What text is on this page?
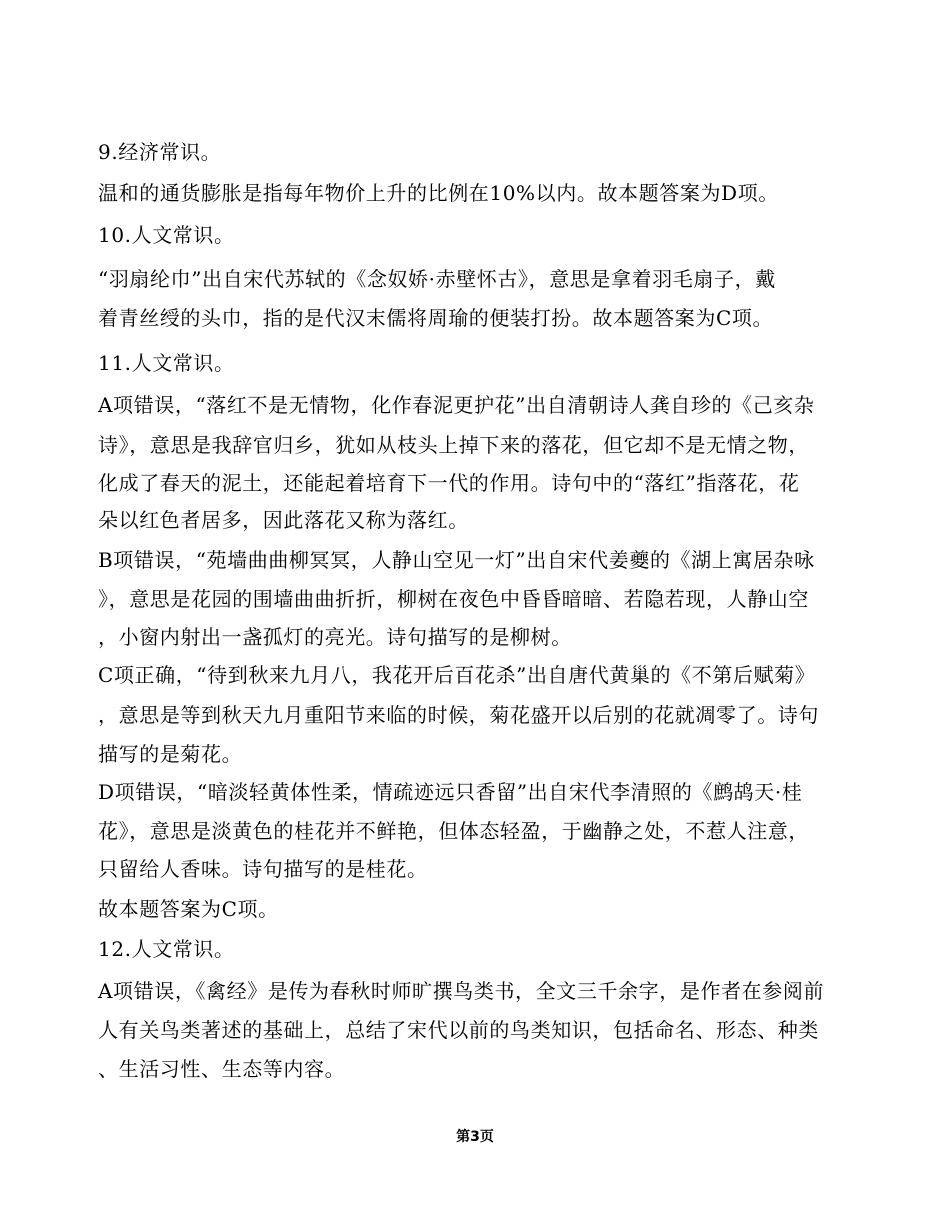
9.经济常识。
温和的通货膨胀是指每年物价上升的比例在10%以内。故本题答案为D项。
10.人文常识。
“羽扇纶巾”出自宋代苏轼的《念奴娇·赤壁怀古》，意思是拿着羽毛扇子，戴
着青丝绶的头巾，指的是代汉末儒将周瑜的便装打扮。故本题答案为C项。
11.人文常识。
A项错误，“落红不是无情物，化作春泥更护花”出自清朝诗人龚自珍的《己亥杂
诗》，意思是我辞官归乡，犹如从枝头上掉下来的落花，但它却不是无情之物，
化成了春天的泥土，还能起着培育下一代的作用。诗句中的“落红”指落花，花
朵以红色者居多，因此落花又称为落红。
B项错误，“苑墙曲曲柳冥冥，人静山空见一灯”出自宋代姜夔的《湖上寓居杂咏
》，意思是花园的围墙曲曲折折，柳树在夜色中昏昏暗暗、若隐若现，人静山空
，小窗内射出一盏孤灯的亮光。诗句描写的是柳树。
C项正确，“待到秋来九月八，我花开后百花杀”出自唐代黄巢的《不第后赋菊》
，意思是等到秋天九月重阳节来临的时候，菊花盛开以后别的花就凋零了。诗句
描写的是菊花。
D项错误，“暗淡轻黄体性柔，情疏迹远只香留”出自宋代李清照的《鹧鸪天·桂
花》，意思是淡黄色的桂花并不鲜艳，但体态轻盈，于幽静之处，不惹人注意，
只留给人香味。诗句描写的是桂花。
故本题答案为C项。
12.人文常识。
A项错误，《禽经》是传为春秋时师旷撰鸟类书，全文三千余字，是作者在参阅前
人有关鸟类著述的基础上，总结了宋代以前的鸟类知识，包括命名、形态、种类
、生活习性、生态等内容。
第3页
